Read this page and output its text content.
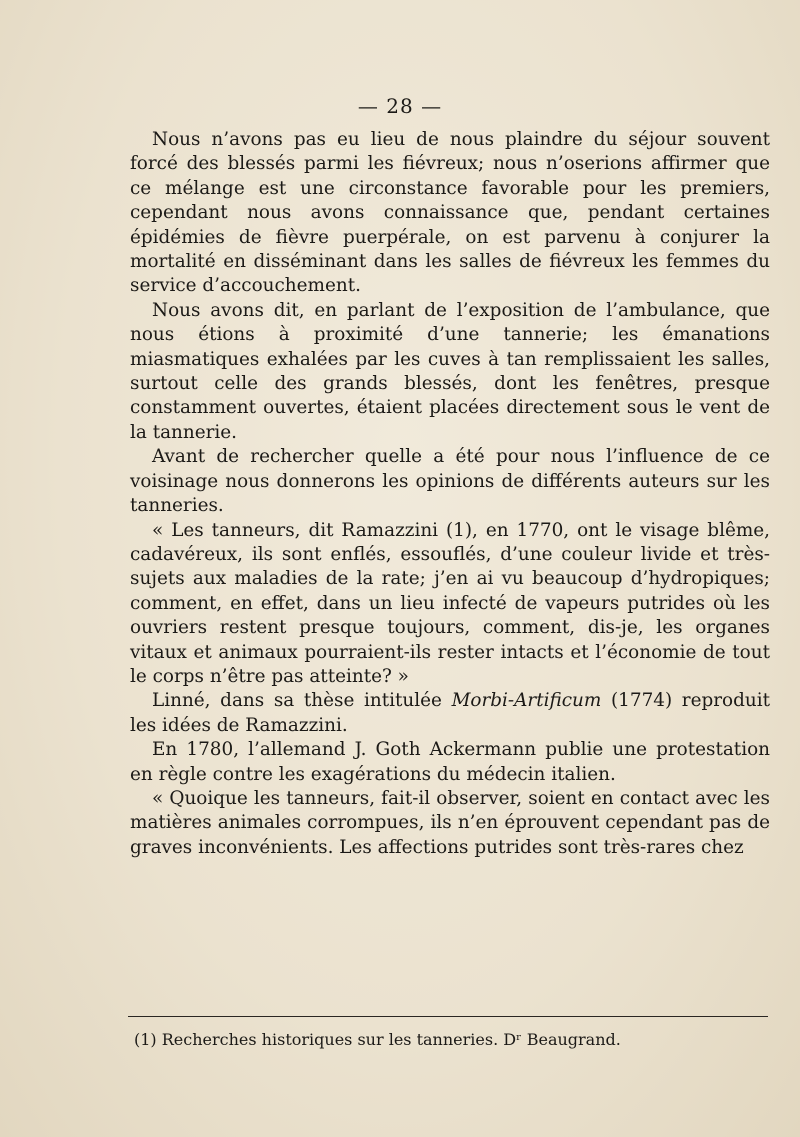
— 28 —

Nous n’avons pas eu lieu de nous plaindre du séjour souvent forcé des blessés parmi les fiévreux; nous n’oserions affirmer que ce mélange est une circonstance favorable pour les premiers, cependant nous avons connaissance que, pendant certaines épidémies de fièvre puerpérale, on est parvenu à conjurer la mortalité en disséminant dans les salles de fiévreux les femmes du service d’accouchement.

Nous avons dit, en parlant de l’exposition de l’ambulance, que nous étions à proximité d’une tannerie; les émanations miasmatiques exhalées par les cuves à tan remplissaient les salles, surtout celle des grands blessés, dont les fenêtres, presque constamment ouvertes, étaient placées directement sous le vent de la tannerie.

Avant de rechercher quelle a été pour nous l’influence de ce voisinage nous donnerons les opinions de différents auteurs sur les tanneries.

« Les tanneurs, dit Ramazzini (1), en 1770, ont le visage blême, cadavéreux, ils sont enflés, essouflés, d’une couleur livide et très-sujets aux maladies de la rate; j’en ai vu beaucoup d’hydropiques; comment, en effet, dans un lieu infecté de vapeurs putrides où les ouvriers restent presque toujours, comment, dis-je, les organes vitaux et animaux pourraient-ils rester intacts et l’économie de tout le corps n’être pas atteinte? »

Linné, dans sa thèse intitulée Morbi-Artificum (1774) reproduit les idées de Ramazzini.

En 1780, l’allemand J. Goth Ackermann publie une protestation en règle contre les exagérations du médecin italien.

« Quoique les tanneurs, fait-il observer, soient en contact avec les matières animales corrompues, ils n’en éprouvent cependant pas de graves inconvénients. Les affections putrides sont très-rares chez

(1) Recherches historiques sur les tanneries. Dʳ Beaugrand.
